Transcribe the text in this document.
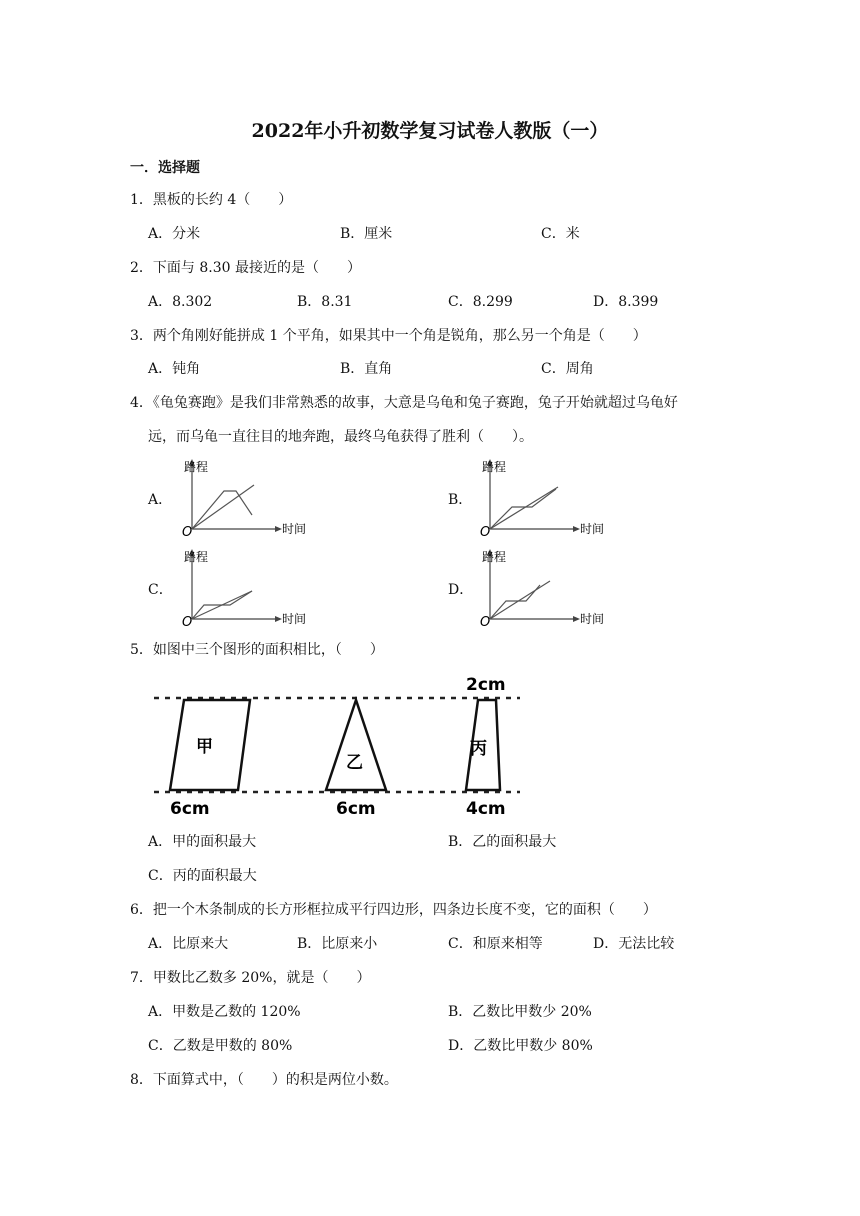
2022年小升初数学复习试卷人教版（一）
一．选择题
1．黑板的长约 4（　　）
A．分米	B．厘米	C．米
2．下面与 8.30 最接近的是（　　）
A．8.302	B．8.31	C．8.299	D．8.399
3．两个角刚好能拼成 1 个平角，如果其中一个角是锐角，那么另一个角是（　　）
A．钝角	B．直角	C．周角
4．《龟兔赛跑》是我们非常熟悉的故事，大意是乌龟和兔子赛跑，兔子开始就超过乌龟好
远，而乌龟一直往目的地奔跑，最终乌龟获得了胜利（　　）。
A．	B．
C．	D．
路程
时间
O
路程
时间
O
路程
时间
O
路程
时间
O
5．如图中三个图形的面积相比，（　　）
甲
6cm
乙
6cm
丙
2cm
4cm
A．甲的面积最大	B．乙的面积最大
C．丙的面积最大
6．把一个木条制成的长方形框拉成平行四边形，四条边长度不变，它的面积（　　）
A．比原来大	B．比原来小	C．和原来相等	D．无法比较
7．甲数比乙数多 20%，就是（　　）
A．甲数是乙数的 120%	B．乙数比甲数少 20%
C．乙数是甲数的 80%	D．乙数比甲数少 80%
8．下面算式中，（　　）的积是两位小数。
